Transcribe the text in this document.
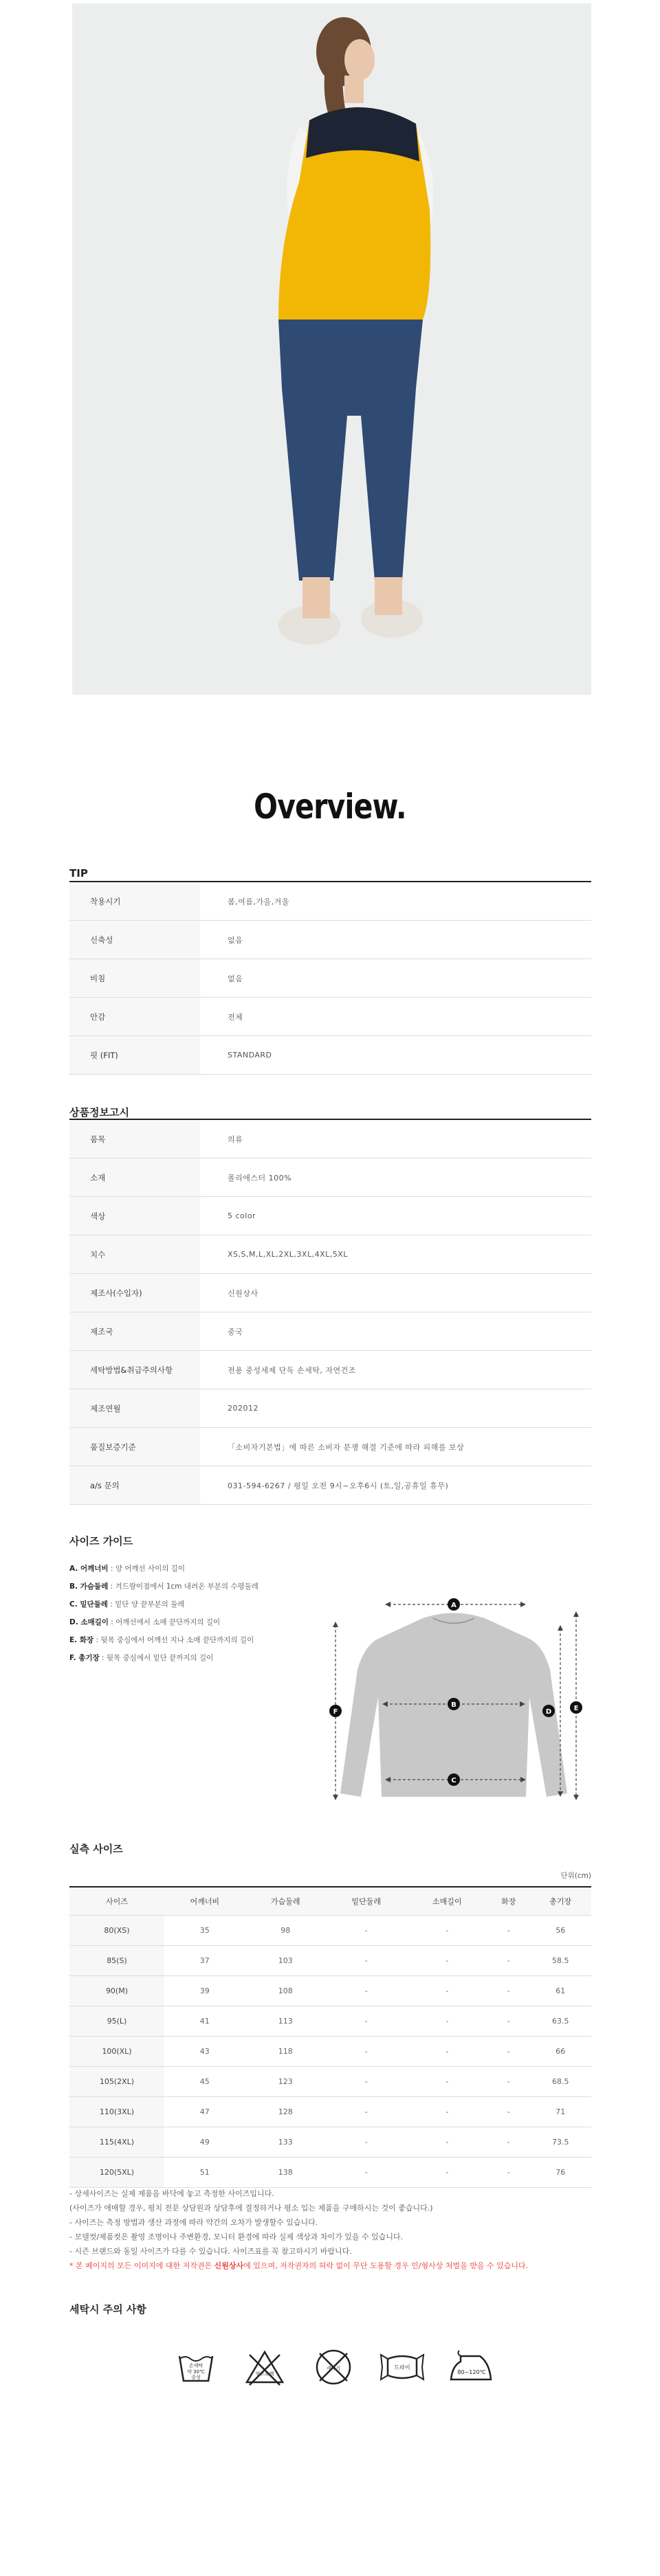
Overview.
TIP
착용시기	봄,여름,가을,겨울
신축성	없음
비침	없음
안감	전체
핏 (FIT)	STANDARD
상품정보고시
품목	의류
소재	폴리에스터 100%
색상	5 color
치수	XS,S,M,L,XL,2XL,3XL,4XL,5XL
제조사(수입자)	신원상사
제조국	중국
세탁방법&취급주의사항	전용 중성세제 단독 손세탁, 자연건조
제조연월	202012
품질보증기준	「소비자기본법」에 따른 소비자 분쟁 해결 기준에 따라 피해를 보상
a/s 문의	031-594-6267 / 평일 오전 9시~오후6시 (토,일,공휴일 휴무)
사이즈 가이드
A. 어깨너비 : 양 어깨선 사이의 길이
B. 가슴둘레 : 겨드랑이점에서 1cm 내려온 부분의 수평둘레
C. 밑단둘레 : 밑단 양 끝부분의 둘레
D. 소매길이 : 어깨선에서 소매 끝단까지의 길이
E. 화장 : 뒷목 중심에서 어깨선 지나 소매 끝단까지의 길이
F. 총기장 : 뒷목 중심에서 밑단 끝까지의 길이
A
B
C
D	E
F
실측 사이즈
단위(cm)
사이즈	어깨너비	가슴둘레	밑단둘레	소매길이	화장	총기장
80(XS)	35	98	-	-	-	56
85(S)	37	103	-	-	-	58.5
90(M)	39	108	-	-	-	61
95(L)	41	113	-	-	-	63.5
100(XL)	43	118	-	-	-	66
105(2XL)	45	123	-	-	-	68.5
110(3XL)	47	128	-	-	-	71
115(4XL)	49	133	-	-	-	73.5
120(5XL)	51	138	-	-	-	76
- 상세사이즈는 실제 제품을 바닥에 놓고 측정한 사이즈입니다.
(사이즈가 애매할 경우, 평치 전문 상담원과 상담후에 결정하거나 평소 입는 제품을 구매하시는 것이 좋습니다.)
- 사이즈는 측정 방법과 생산 과정에 따라 약간의 오차가 발생할수 있습니다.
- 모델컷/제품컷은 촬영 조명이나 주변환경, 모니터 환경에 따라 실제 색상과 차이가 있을 수 있습니다.
- 시즌 브랜드와 동일 사이즈가 다를 수 있습니다. 사이즈표를 꼭 참고하시기 바랍니다.
* 본 페이지의 모든 이미지에 대한 저작권은 신원상사에 있으며, 저작권자의 허락 없이 무단 도용할 경우 민/형사상 처벌을 받을 수 있습니다.
세탁시 주의 사항
손세탁
약 30℃
중성
염소표백
세탁기	드라이
80~120℃
